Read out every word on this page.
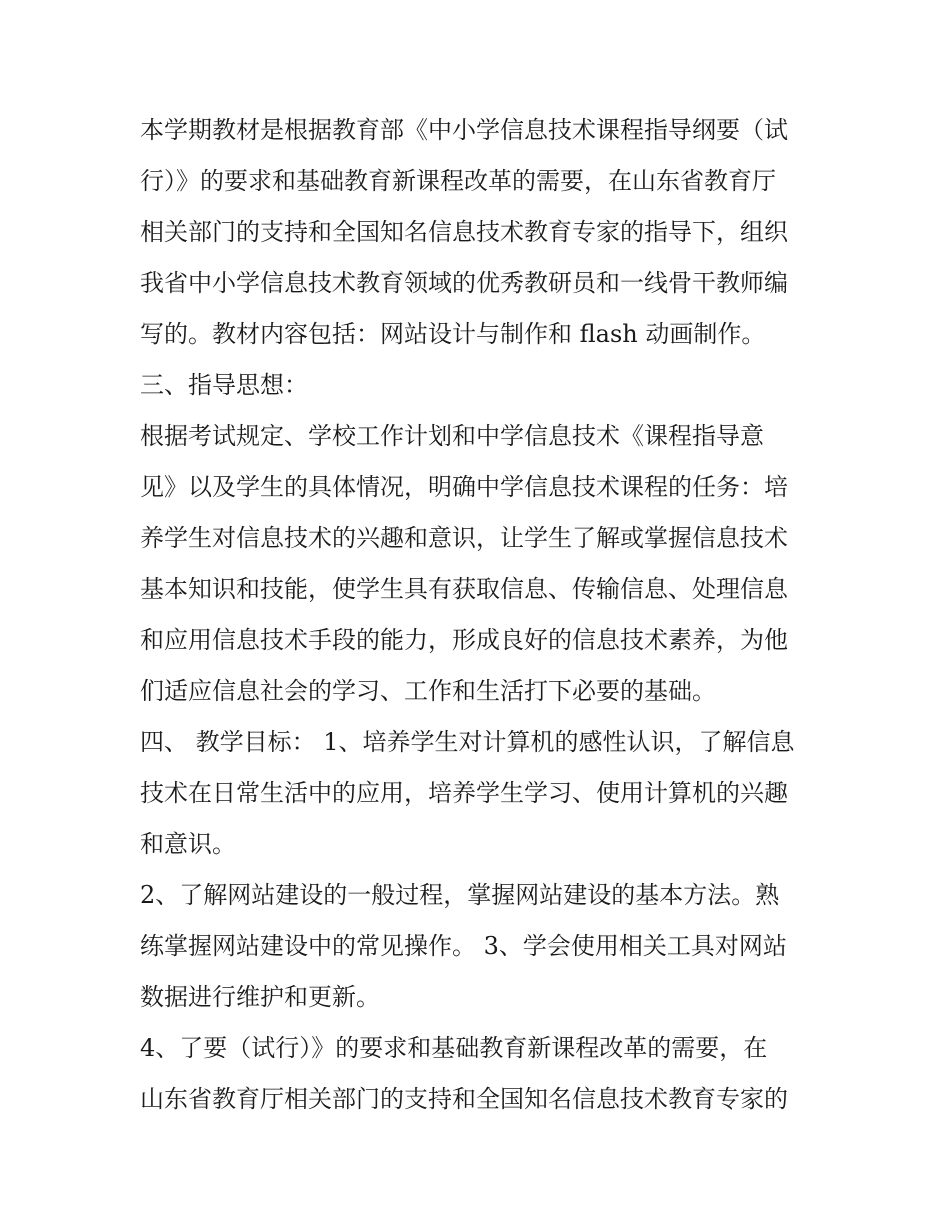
本学期教材是根据教育部《中小学信息技术课程指导纲要（试
行）》的要求和基础教育新课程改革的需要，在山东省教育厅
相关部门的支持和全国知名信息技术教育专家的指导下，组织
我省中小学信息技术教育领域的优秀教研员和一线骨干教师编
写的。教材内容包括：网站设计与制作和 flash 动画制作。
三、指导思想：
根据考试规定、学校工作计划和中学信息技术《课程指导意
见》以及学生的具体情况，明确中学信息技术课程的任务：培
养学生对信息技术的兴趣和意识，让学生了解或掌握信息技术
基本知识和技能，使学生具有获取信息、传输信息、处理信息
和应用信息技术手段的能力，形成良好的信息技术素养，为他
们适应信息社会的学习、工作和生活打下必要的基础。
四、 教学目标： 1、培养学生对计算机的感性认识，了解信息
技术在日常生活中的应用，培养学生学习、使用计算机的兴趣
和意识。
2、了解网站建设的一般过程，掌握网站建设的基本方法。熟
练掌握网站建设中的常见操作。 3、学会使用相关工具对网站
数据进行维护和更新。
4、了要（试行）》的要求和基础教育新课程改革的需要，在
山东省教育厅相关部门的支持和全国知名信息技术教育专家的
